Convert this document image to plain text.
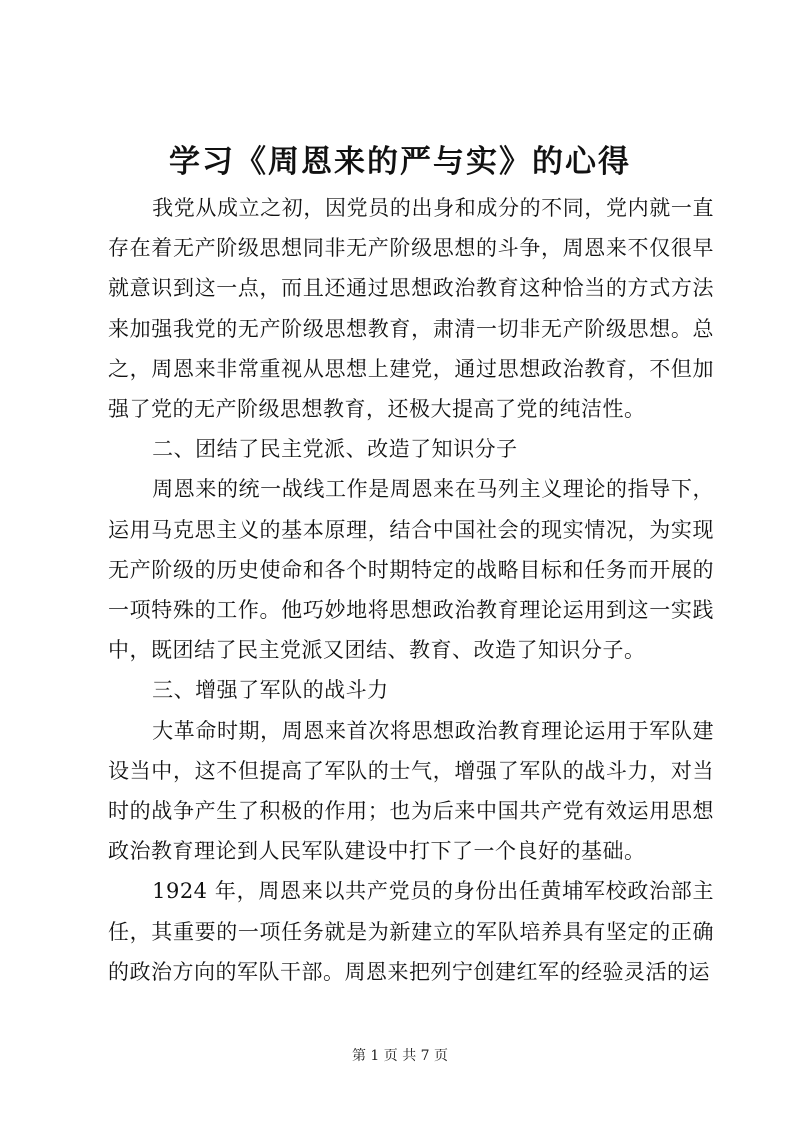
学习《周恩来的严与实》的心得

我党从成立之初，因党员的出身和成分的不同，党内就一直存在着无产阶级思想同非无产阶级思想的斗争，周恩来不仅很早就意识到这一点，而且还通过思想政治教育这种恰当的方式方法来加强我党的无产阶级思想教育，肃清一切非无产阶级思想。总之，周恩来非常重视从思想上建党，通过思想政治教育，不但加强了党的无产阶级思想教育，还极大提高了党的纯洁性。

二、团结了民主党派、改造了知识分子

周恩来的统一战线工作是周恩来在马列主义理论的指导下，运用马克思主义的基本原理，结合中国社会的现实情况，为实现无产阶级的历史使命和各个时期特定的战略目标和任务而开展的一项特殊的工作。他巧妙地将思想政治教育理论运用到这一实践中，既团结了民主党派又团结、教育、改造了知识分子。

三、增强了军队的战斗力

大革命时期，周恩来首次将思想政治教育理论运用于军队建设当中，这不但提高了军队的士气，增强了军队的战斗力，对当时的战争产生了积极的作用；也为后来中国共产党有效运用思想政治教育理论到人民军队建设中打下了一个良好的基础。

1924 年，周恩来以共产党员的身份出任黄埔军校政治部主任，其重要的一项任务就是为新建立的军队培养具有坚定的正确的政治方向的军队干部。周恩来把列宁创建红军的经验灵活的运

第 1 页 共 7 页
